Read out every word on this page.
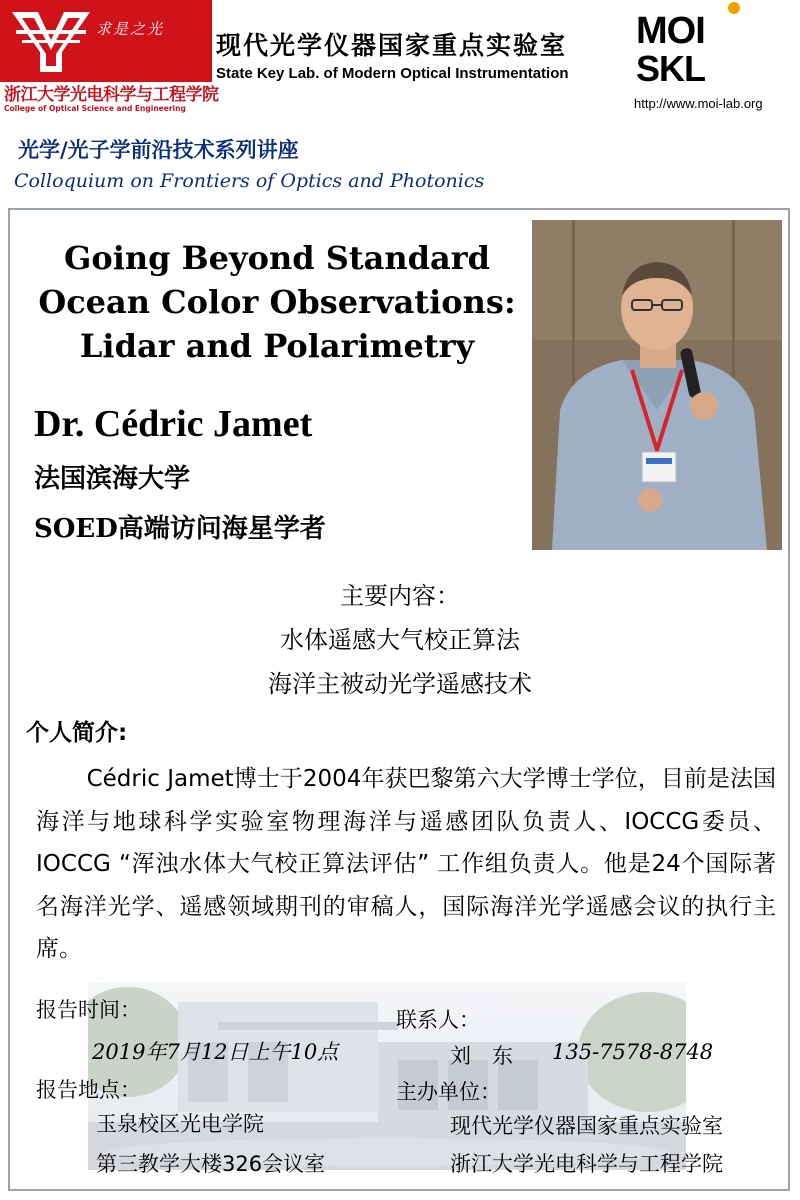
求是之光
浙江大学光电科学与工程学院
College of Optical Science and Engineering
现代光学仪器国家重点实验室
State Key Lab. of Modern Optical Instrumentation
MOI
SKL
http://www.moi-lab.org
光学/光子学前沿技术系列讲座
Colloquium on Frontiers of Optics and Photonics
Going Beyond Standard
Ocean Color Observations:
Lidar and Polarimetry
Dr. Cédric Jamet
法国滨海大学
SOED高端访问海星学者
主要内容：
水体遥感大气校正算法
海洋主被动光学遥感技术
个人简介:
Cédric Jamet博士于2004年获巴黎第六大学博士学位，目前是法国海洋与地球科学实验室物理海洋与遥感团队负责人、IOCCG委员、IOCCG “浑浊水体大气校正算法评估” 工作组负责人。他是24个国际著名海洋光学、遥感领域期刊的审稿人，国际海洋光学遥感会议的执行主席。
报告时间：
2019年7月12日上午10点
报告地点：
玉泉校区光电学院
第三教学大楼326会议室
联系人：
刘　东 135-7578-8748
主办单位：
现代光学仪器国家重点实验室
浙江大学光电科学与工程学院
